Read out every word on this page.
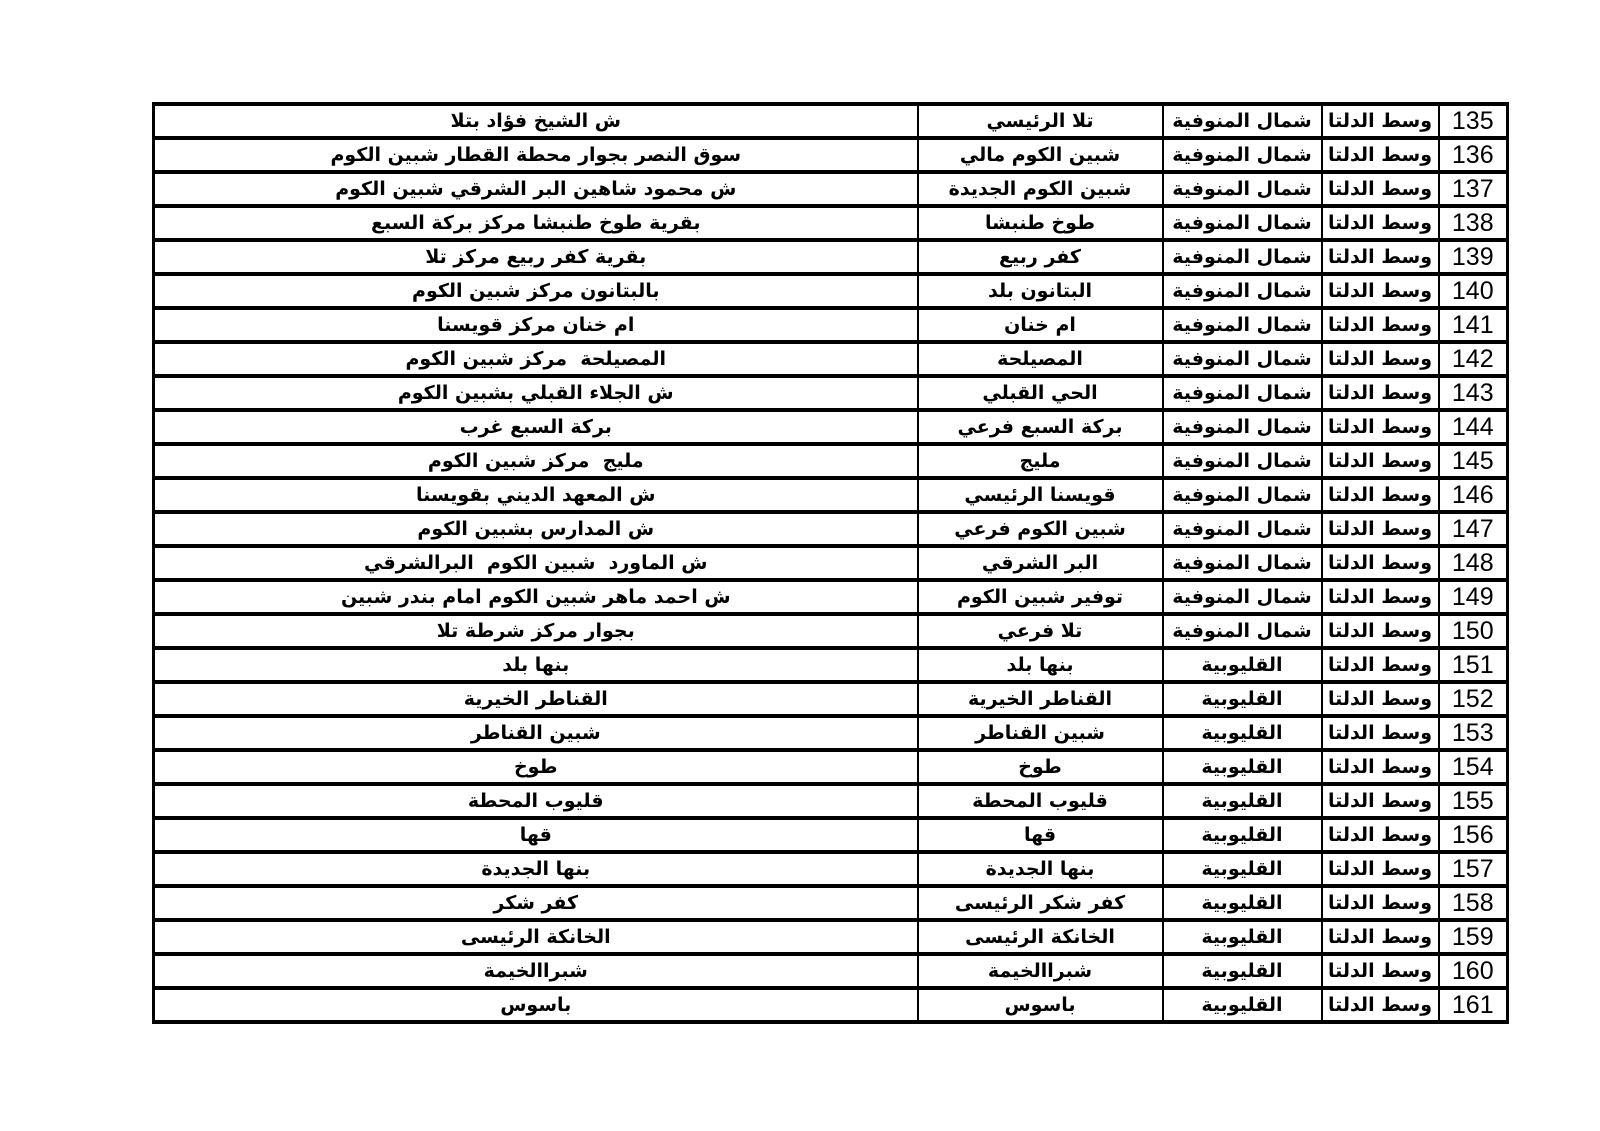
ش الشيخ فؤاد بتلا	تلا الرئيسي	شمال المنوفية	وسط الدلتا	135
سوق النصر بجوار محطة القطار شبين الكوم	شبين الكوم مالي	شمال المنوفية	وسط الدلتا	136
ش محمود شاهين البر الشرقي شبين الكوم	شبين الكوم الجديدة	شمال المنوفية	وسط الدلتا	137
بقرية طوخ طنبشا مركز بركة السبع	طوخ طنبشا	شمال المنوفية	وسط الدلتا	138
بقرية كفر ربيع مركز تلا	كفر ربيع	شمال المنوفية	وسط الدلتا	139
بالبتانون مركز شبين الكوم	البتانون بلد	شمال المنوفية	وسط الدلتا	140
ام خنان مركز قويسنا	ام خنان	شمال المنوفية	وسط الدلتا	141
المصيلحة  مركز شبين الكوم	المصيلحة	شمال المنوفية	وسط الدلتا	142
ش الجلاء القبلي بشبين الكوم	الحي القبلي	شمال المنوفية	وسط الدلتا	143
بركة السبع غرب	بركة السبع فرعي	شمال المنوفية	وسط الدلتا	144
مليج  مركز شبين الكوم	مليج	شمال المنوفية	وسط الدلتا	145
ش المعهد الديني بقويسنا	قويسنا الرئيسي	شمال المنوفية	وسط الدلتا	146
ش المدارس بشبين الكوم	شبين الكوم فرعي	شمال المنوفية	وسط الدلتا	147
ش الماورد  شبين الكوم  البرالشرقي	البر الشرقي	شمال المنوفية	وسط الدلتا	148
ش احمد ماهر شبين الكوم امام بندر شبين	توفير شبين الكوم	شمال المنوفية	وسط الدلتا	149
بجوار مركز شرطة تلا	تلا فرعي	شمال المنوفية	وسط الدلتا	150
بنها بلد	بنها بلد	القليوبية	وسط الدلتا	151
القناطر الخيرية	القناطر الخيرية	القليوبية	وسط الدلتا	152
شبين القناطر	شبين القناطر	القليوبية	وسط الدلتا	153
طوخ	طوخ	القليوبية	وسط الدلتا	154
قليوب المحطة	قليوب المحطة	القليوبية	وسط الدلتا	155
قها	قها	القليوبية	وسط الدلتا	156
بنها الجديدة	بنها الجديدة	القليوبية	وسط الدلتا	157
كفر شكر	كفر شكر الرئيسى	القليوبية	وسط الدلتا	158
الخانكة الرئيسى	الخانكة الرئيسى	القليوبية	وسط الدلتا	159
شبراالخيمة	شبراالخيمة	القليوبية	وسط الدلتا	160
باسوس	باسوس	القليوبية	وسط الدلتا	161
